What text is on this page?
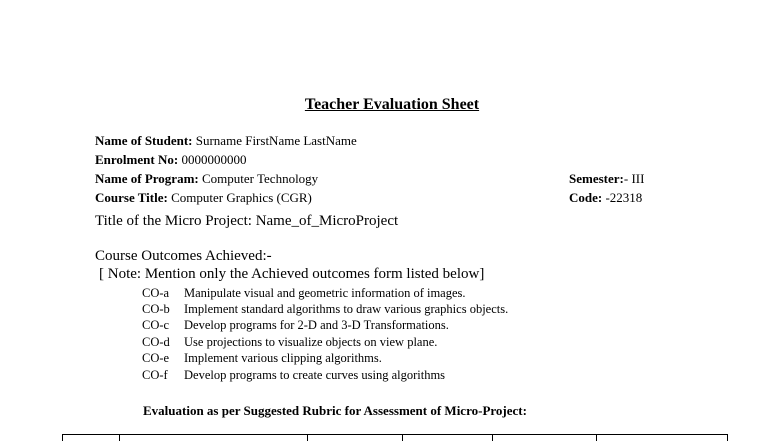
Teacher Evaluation Sheet
Name of Student: Surname FirstName LastName
Enrolment No: 0000000000
Name of Program: Computer Technology	Semester:- III
Course Title: Computer Graphics (CGR)	Code: -22318
Title of the Micro Project: Name_of_MicroProject
Course Outcomes Achieved:-
[ Note: Mention only the Achieved outcomes form listed below]
CO-a Manipulate visual and geometric information of images.
CO-b Implement standard algorithms to draw various graphics objects.
CO-c Develop programs for 2-D and 3-D Transformations.
CO-d Use projections to visualize objects on view plane.
CO-e Implement various clipping algorithms.
CO-f Develop programs to create curves using algorithms
Evaluation as per Suggested Rubric for Assessment of Micro-Project:
